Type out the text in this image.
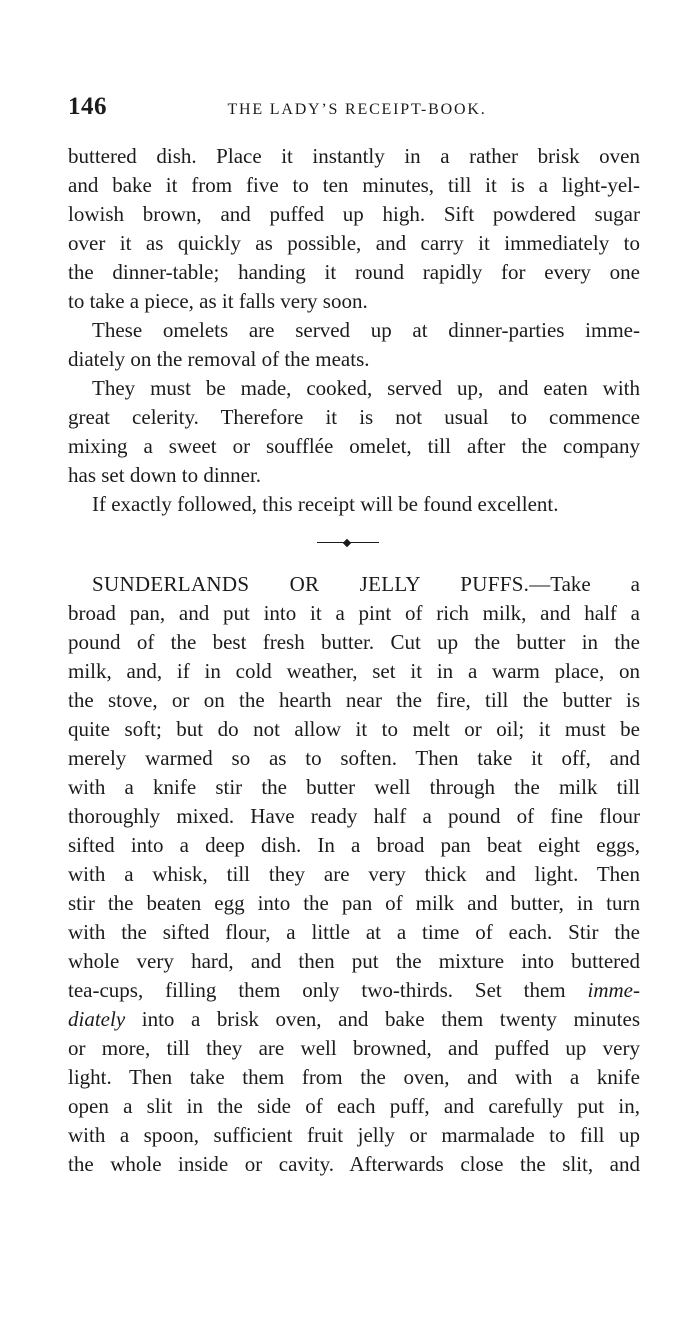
146	THE LADY’S RECEIPT-BOOK.

buttered dish. Place it instantly in a rather brisk oven
and bake it from five to ten minutes, till it is a light-yel-
lowish brown, and puffed up high. Sift powdered sugar
over it as quickly as possible, and carry it immediately to
the dinner-table; handing it round rapidly for every one
to take a piece, as it falls very soon.

These omelets are served up at dinner-parties imme-
diately on the removal of the meats.

They must be made, cooked, served up, and eaten with
great celerity. Therefore it is not usual to commence
mixing a sweet or soufflée omelet, till after the company
has set down to dinner.

If exactly followed, this receipt will be found excellent.

SUNDERLANDS OR JELLY PUFFS.—Take a
broad pan, and put into it a pint of rich milk, and half a
pound of the best fresh butter. Cut up the butter in the
milk, and, if in cold weather, set it in a warm place, on
the stove, or on the hearth near the fire, till the butter is
quite soft; but do not allow it to melt or oil; it must be
merely warmed so as to soften. Then take it off, and
with a knife stir the butter well through the milk till
thoroughly mixed. Have ready half a pound of fine flour
sifted into a deep dish. In a broad pan beat eight eggs,
with a whisk, till they are very thick and light. Then
stir the beaten egg into the pan of milk and butter, in turn
with the sifted flour, a little at a time of each. Stir the
whole very hard, and then put the mixture into buttered
tea-cups, filling them only two-thirds. Set them imme-
diately into a brisk oven, and bake them twenty minutes
or more, till they are well browned, and puffed up very
light. Then take them from the oven, and with a knife
open a slit in the side of each puff, and carefully put in,
with a spoon, sufficient fruit jelly or marmalade to fill up
the whole inside or cavity. Afterwards close the slit, and
